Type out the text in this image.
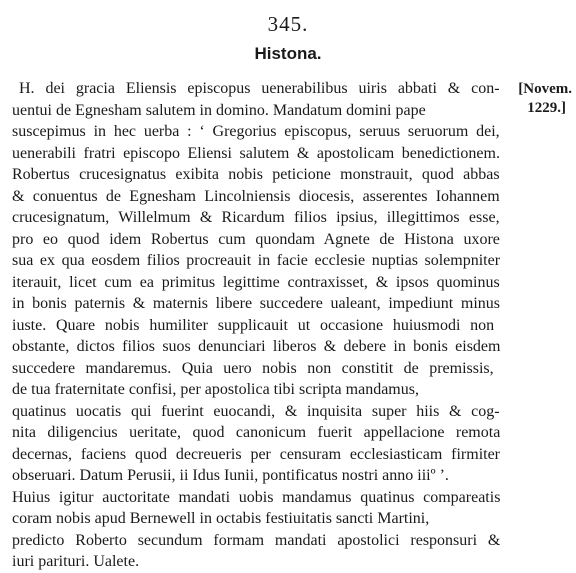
345.
Histona.
[Novem.
1229.]
H. dei gracia Eliensis episcopus uenerabilibus uiris abbati & con-
uentui de Egnesham salutem in domino. Mandatum domini pape
suscepimus in hec uerba : ‘ Gregorius episcopus, seruus seruorum dei,
uenerabili fratri episcopo Eliensi salutem & apostolicam benedictionem.
Robertus crucesignatus exibita nobis peticione monstrauit, quod abbas
& conuentus de Egnesham Lincolniensis diocesis, asserentes Iohannem
crucesignatum, Willelmum & Ricardum filios ipsius, illegittimos esse,
pro eo quod idem Robertus cum quondam Agnete de Histona uxore
sua ex qua eosdem filios procreauit in facie ecclesie nuptias solempniter
iterauit, licet cum ea primitus legittime contraxisset, & ipsos quominus
in bonis paternis & maternis libere succedere ualeant, impediunt minus
iuste. Quare nobis humiliter supplicauit ut occasione huiusmodi non
obstante, dictos filios suos denunciari liberos & debere in bonis eisdem
succedere mandaremus. Quia uero nobis non constitit de premissis,
de tua fraternitate confisi, per apostolica tibi scripta mandamus,
quatinus uocatis qui fuerint euocandi, & inquisita super hiis & cog-
nita diligencius ueritate, quod canonicum fuerit appellacione remota
decernas, faciens quod decreueris per censuram ecclesiasticam firmiter
obseruari. Datum Perusii, ii Idus Iunii, pontificatus nostri anno iiiº ’.
Huius igitur auctoritate mandati uobis mandamus quatinus compareatis
coram nobis apud Bernewell in octabis festiuitatis sancti Martini,
predicto Roberto secundum formam mandati apostolici responsuri &
iuri parituri. Ualete.
